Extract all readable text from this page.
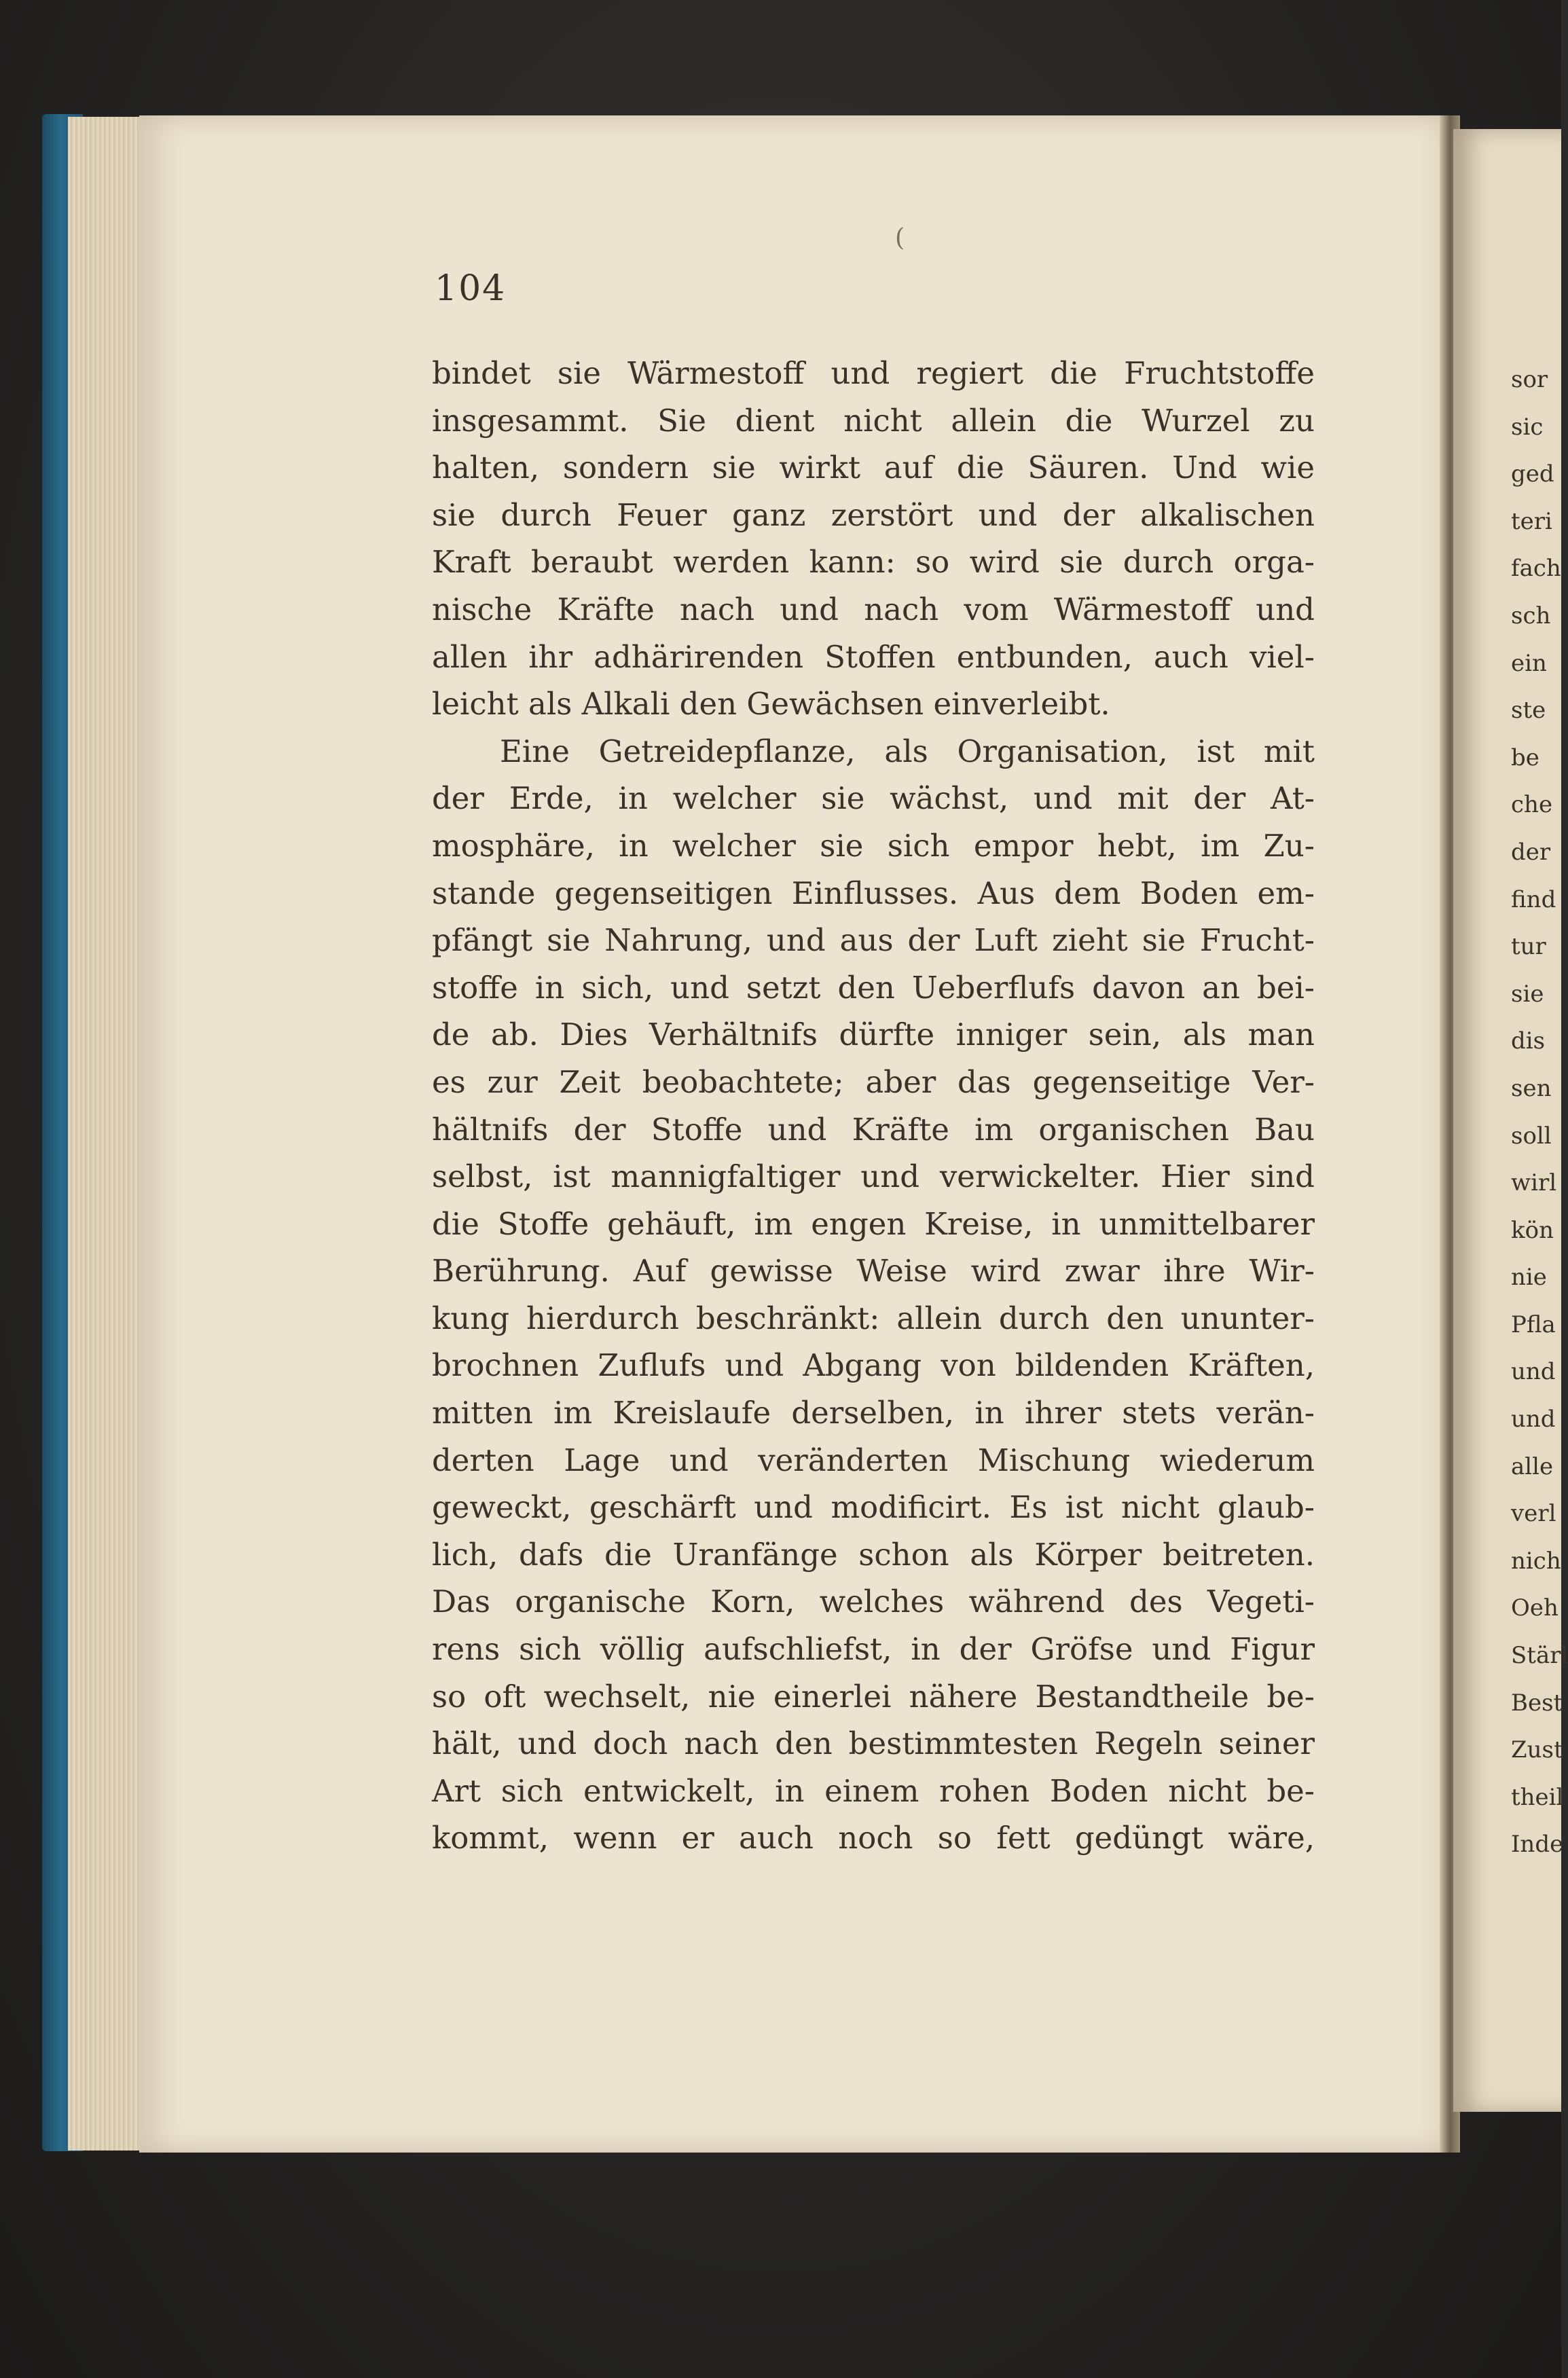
(
104
bindet sie Wärmestoff und regiert die Fruchtstoffe
insgesammt. Sie dient nicht allein die Wurzel zu
halten, sondern sie wirkt auf die Säuren. Und wie
sie durch Feuer ganz zerstört und der alkalischen
Kraft beraubt werden kann: so wird sie durch orga-
nische Kräfte nach und nach vom Wärmestoff und
allen ihr adhärirenden Stoffen entbunden, auch viel-
leicht als Alkali den Gewächsen einverleibt.
Eine Getreidepflanze, als Organisation, ist mit
der Erde, in welcher sie wächst, und mit der At-
mosphäre, in welcher sie sich empor hebt, im Zu-
stande gegenseitigen Einflusses. Aus dem Boden em-
pfängt sie Nahrung, und aus der Luft zieht sie Frucht-
stoffe in sich, und setzt den Ueberflufs davon an bei-
de ab. Dies Verhältnifs dürfte inniger sein, als man
es zur Zeit beobachtete; aber das gegenseitige Ver-
hältnifs der Stoffe und Kräfte im organischen Bau
selbst, ist mannigfaltiger und verwickelter. Hier sind
die Stoffe gehäuft, im engen Kreise, in unmittelbarer
Berührung. Auf gewisse Weise wird zwar ihre Wir-
kung hierdurch beschränkt: allein durch den ununter-
brochnen Zuflufs und Abgang von bildenden Kräften,
mitten im Kreislaufe derselben, in ihrer stets verän-
derten Lage und veränderten Mischung wiederum
geweckt, geschärft und modificirt. Es ist nicht glaub-
lich, dafs die Uranfänge schon als Körper beitreten.
Das organische Korn, welches während des Vegeti-
rens sich völlig aufschliefst, in der Gröfse und Figur
so oft wechselt, nie einerlei nähere Bestandtheile be-
hält, und doch nach den bestimmtesten Regeln seiner
Art sich entwickelt, in einem rohen Boden nicht be-
kommt, wenn er auch noch so fett gedüngt wäre,
sor
sic
ged
teri
fach
sch
ein
ste
be
che
der
find
tur
sie
dis
sen
soll
wirl
kön
nie
Pfla
und
und
alle
verl
nich
Oeh
Stärl
Best
Zust
theil
Inde
